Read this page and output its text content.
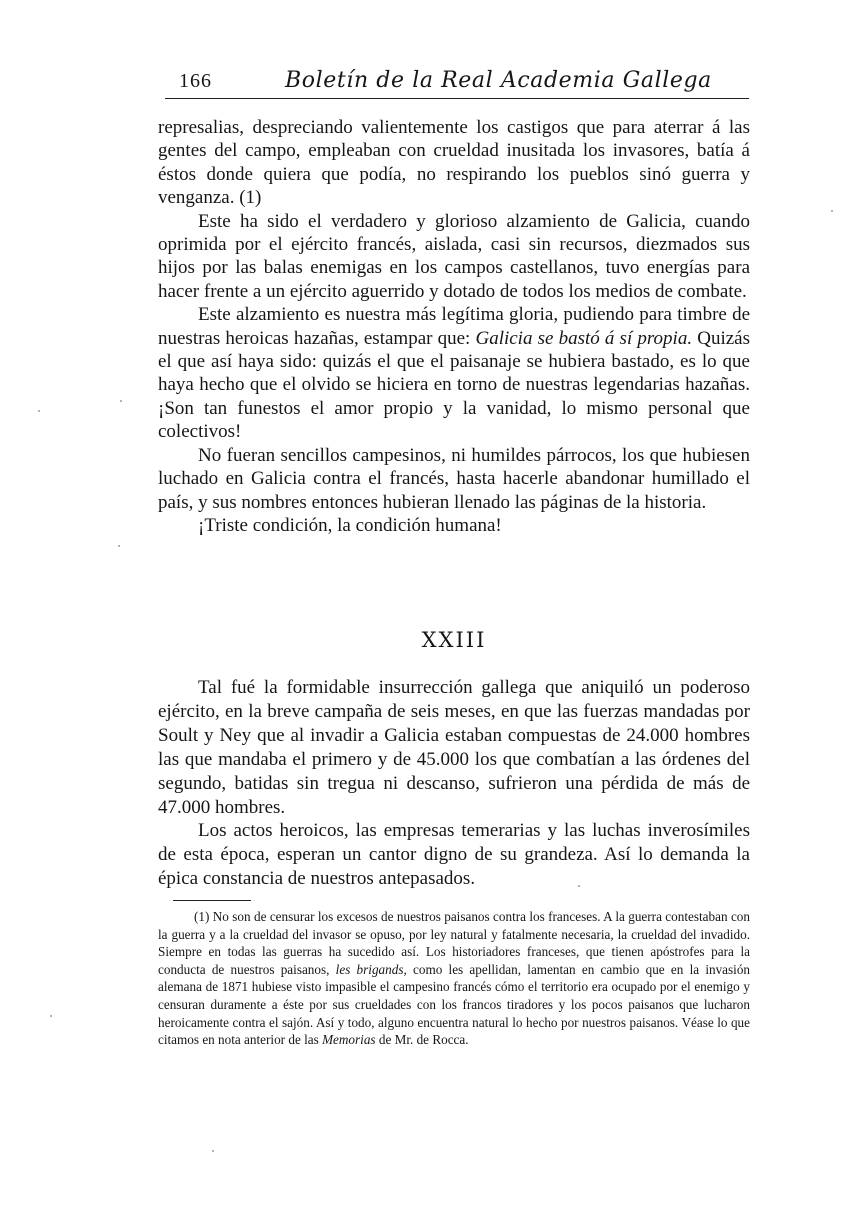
166	Boletín de la Real Academia Gallega

represalias, despreciando valientemente los castigos que para aterrar á las gentes del campo, empleaban con crueldad inusitada los invasores, batía á éstos donde quiera que podía, no respirando los pueblos sinó guerra y venganza. (1)

Este ha sido el verdadero y glorioso alzamiento de Galicia, cuando oprimida por el ejército francés, aislada, casi sin recursos, diezmados sus hijos por las balas enemigas en los campos castellanos, tuvo energías para hacer frente a un ejército aguerrido y dotado de todos los medios de combate.

Este alzamiento es nuestra más legítima gloria, pudiendo para timbre de nuestras heroicas hazañas, estampar que: Galicia se bastó á sí propia. Quizás el que así haya sido: quizás el que el paisanaje se hubiera bastado, es lo que haya hecho que el olvido se hiciera en torno de nuestras legendarias hazañas. ¡Son tan funestos el amor propio y la vanidad, lo mismo personal que colectivos!

No fueran sencillos campesinos, ni humildes párrocos, los que hubiesen luchado en Galicia contra el francés, hasta hacerle abandonar humillado el país, y sus nombres entonces hubieran llenado las páginas de la historia.

¡Triste condición, la condición humana!

XXIII

Tal fué la formidable insurrección gallega que aniquiló un poderoso ejército, en la breve campaña de seis meses, en que las fuerzas mandadas por Soult y Ney que al invadir a Galicia estaban compuestas de 24.000 hombres las que mandaba el primero y de 45.000 los que combatían a las órdenes del segundo, batidas sin tregua ni descanso, sufrieron una pérdida de más de 47.000 hombres.

Los actos heroicos, las empresas temerarias y las luchas inverosímiles de esta época, esperan un cantor digno de su grandeza. Así lo demanda la épica constancia de nuestros antepasados.

(1) No son de censurar los excesos de nuestros paisanos contra los franceses. A la guerra contestaban con la guerra y a la crueldad del invasor se opuso, por ley natural y fatalmente necesaria, la crueldad del invadido. Siempre en todas las guerras ha sucedido así. Los historiadores franceses, que tienen apóstrofes para la conducta de nuestros paisanos, les brigands, como les apellidan, lamentan en cambio que en la invasión alemana de 1871 hubiese visto impasible el campesino francés cómo el territorio era ocupado por el enemigo y censuran duramente a éste por sus crueldades con los francos tiradores y los pocos paisanos que lucharon heroicamente contra el sajón. Así y todo, alguno encuentra natural lo hecho por nuestros paisanos. Véase lo que citamos en nota anterior de las Memorias de Mr. de Rocca.
